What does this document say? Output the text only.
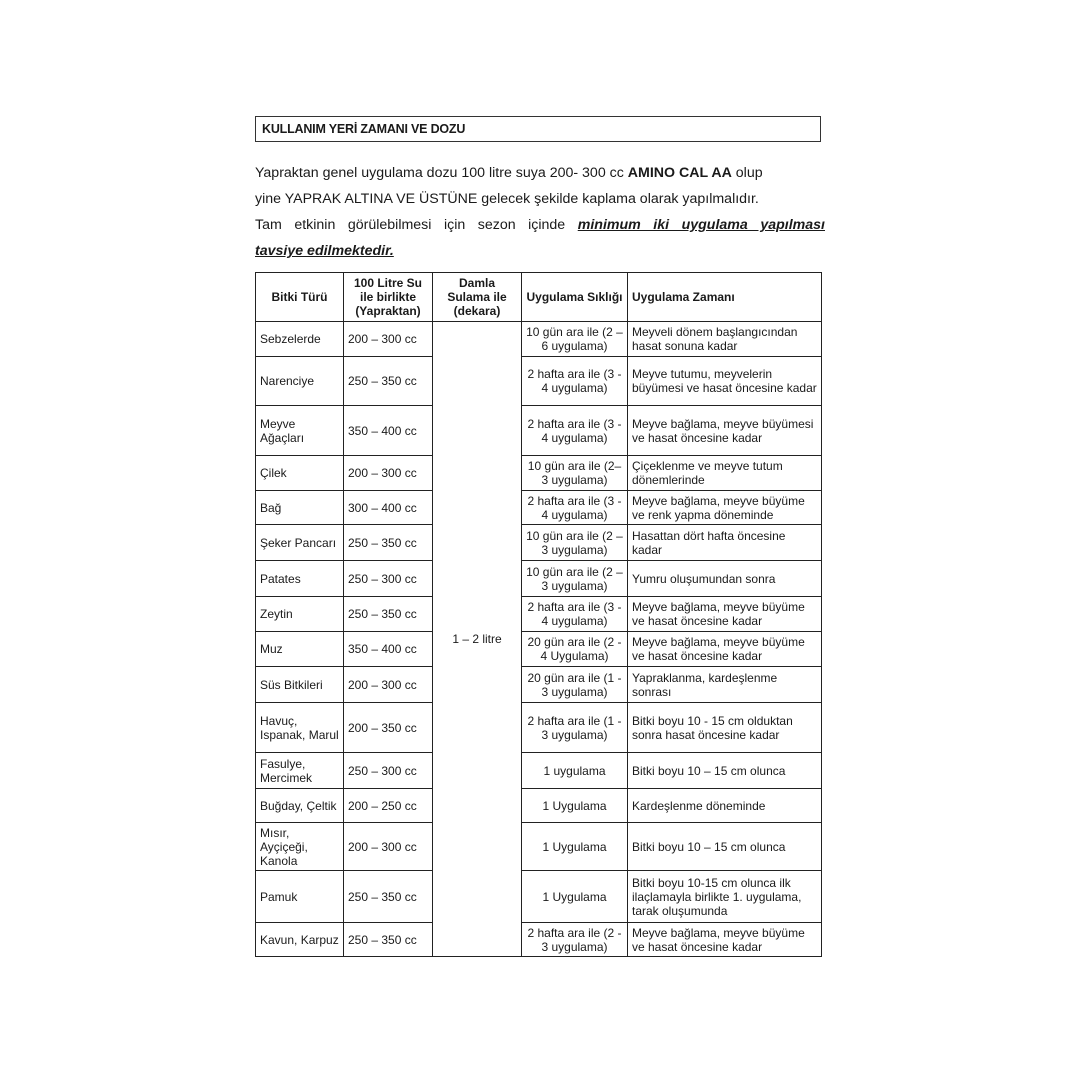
KULLANIM YERİ ZAMANI VE DOZU
Yapraktan genel uygulama dozu 100 litre suya 200- 300 cc AMINO CAL AA olup
yine YAPRAK ALTINA VE ÜSTÜNE gelecek şekilde kaplama olarak yapılmalıdır.
Tam etkinin görülebilmesi için sezon içinde minimum iki uygulama yapılması
tavsiye edilmektedir.
Bitki Türü	100 Litre Su ile birlikte (Yapraktan)	Damla Sulama ile (dekara)	Uygulama Sıklığı	Uygulama Zamanı
Sebzelerde	200 – 300 cc	1 – 2 litre	10 gün ara ile (2 – 6 uygulama)	Meyveli dönem başlangıcından hasat sonuna kadar
Narenciye	250 – 350 cc		2 hafta ara ile (3 - 4 uygulama)	Meyve tutumu, meyvelerin büyümesi ve hasat öncesine kadar
Meyve Ağaçları	350 – 400 cc		2 hafta ara ile (3 - 4 uygulama)	Meyve bağlama, meyve büyümesi ve hasat öncesine kadar
Çilek	200 – 300 cc		10 gün ara ile (2– 3 uygulama)	Çiçeklenme ve meyve tutum dönemlerinde
Bağ	300 – 400 cc		2 hafta ara ile (3 - 4 uygulama)	Meyve bağlama, meyve büyüme ve renk yapma döneminde
Şeker Pancarı	250 – 350 cc		10 gün ara ile (2 – 3 uygulama)	Hasattan dört hafta öncesine kadar
Patates	250 – 300 cc		10 gün ara ile (2 – 3 uygulama)	Yumru oluşumundan sonra
Zeytin	250 – 350 cc		2 hafta ara ile (3 - 4 uygulama)	Meyve bağlama, meyve büyüme ve hasat öncesine kadar
Muz	350 – 400 cc		20 gün ara ile (2 - 4 Uygulama)	Meyve bağlama, meyve büyüme ve hasat öncesine kadar
Süs Bitkileri	200 – 300 cc		20 gün ara ile (1 - 3 uygulama)	Yapraklanma, kardeşlenme sonrası
Havuç, Ispanak, Marul	200 – 350 cc		2 hafta ara ile (1 - 3 uygulama)	Bitki boyu 10 - 15 cm olduktan sonra hasat öncesine kadar
Fasulye, Mercimek	250 – 300 cc		1 uygulama	Bitki boyu 10 – 15 cm olunca
Buğday, Çeltik	200 – 250 cc		1 Uygulama	Kardeşlenme döneminde
Mısır, Ayçiçeği, Kanola	200 – 300 cc		1 Uygulama	Bitki boyu 10 – 15 cm olunca
Pamuk	250 – 350 cc		1 Uygulama	Bitki boyu 10-15 cm olunca ilk ilaçlamayla birlikte 1. uygulama, tarak oluşumunda
Kavun, Karpuz	250 – 350 cc		2 hafta ara ile (2 - 3 uygulama)	Meyve bağlama, meyve büyüme ve hasat öncesine kadar
